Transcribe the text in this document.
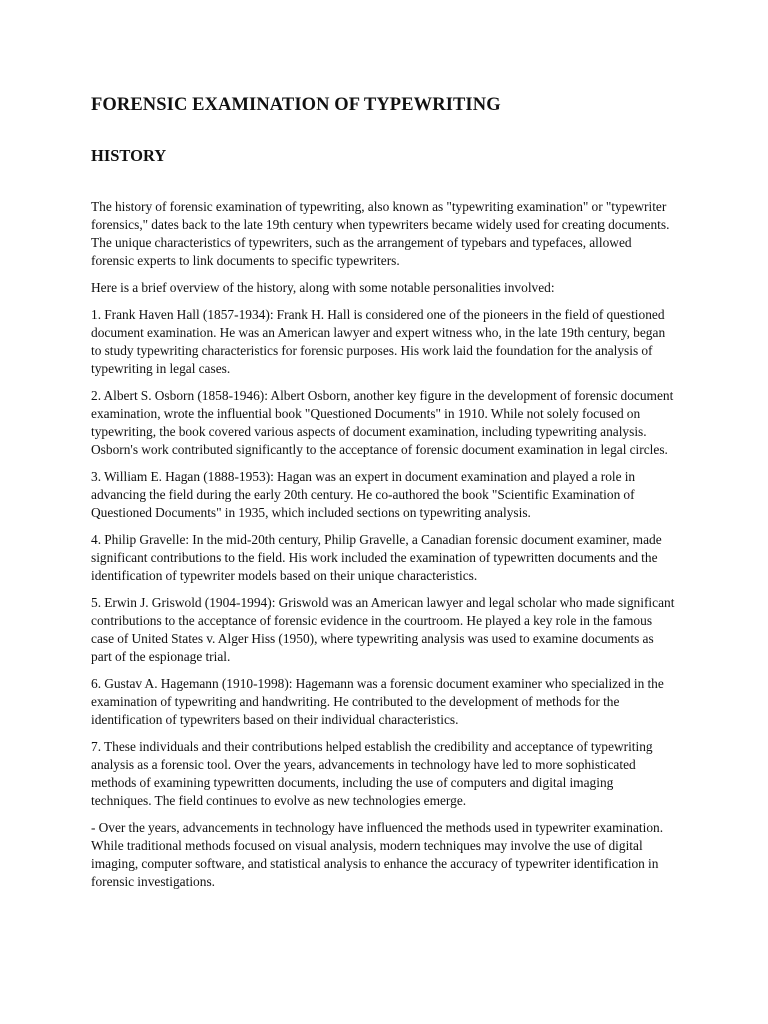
FORENSIC EXAMINATION OF TYPEWRITING
HISTORY

The history of forensic examination of typewriting, also known as "typewriting examination" or "typewriter forensics," dates back to the late 19th century when typewriters became widely used for creating documents. The unique characteristics of typewriters, such as the arrangement of typebars and typefaces, allowed forensic experts to link documents to specific typewriters.

Here is a brief overview of the history, along with some notable personalities involved:

1. Frank Haven Hall (1857-1934): Frank H. Hall is considered one of the pioneers in the field of questioned document examination. He was an American lawyer and expert witness who, in the late 19th century, began to study typewriting characteristics for forensic purposes. His work laid the foundation for the analysis of typewriting in legal cases.

2. Albert S. Osborn (1858-1946): Albert Osborn, another key figure in the development of forensic document examination, wrote the influential book "Questioned Documents" in 1910. While not solely focused on typewriting, the book covered various aspects of document examination, including typewriting analysis. Osborn's work contributed significantly to the acceptance of forensic document examination in legal circles.

3. William E. Hagan (1888-1953): Hagan was an expert in document examination and played a role in advancing the field during the early 20th century. He co-authored the book "Scientific Examination of Questioned Documents" in 1935, which included sections on typewriting analysis.

4. Philip Gravelle: In the mid-20th century, Philip Gravelle, a Canadian forensic document examiner, made significant contributions to the field. His work included the examination of typewritten documents and the identification of typewriter models based on their unique characteristics.

5. Erwin J. Griswold (1904-1994): Griswold was an American lawyer and legal scholar who made significant contributions to the acceptance of forensic evidence in the courtroom. He played a key role in the famous case of United States v. Alger Hiss (1950), where typewriting analysis was used to examine documents as part of the espionage trial.

6. Gustav A. Hagemann (1910-1998): Hagemann was a forensic document examiner who specialized in the examination of typewriting and handwriting. He contributed to the development of methods for the identification of typewriters based on their individual characteristics.

7. These individuals and their contributions helped establish the credibility and acceptance of typewriting analysis as a forensic tool. Over the years, advancements in technology have led to more sophisticated methods of examining typewritten documents, including the use of computers and digital imaging techniques. The field continues to evolve as new technologies emerge.

- Over the years, advancements in technology have influenced the methods used in typewriter examination. While traditional methods focused on visual analysis, modern techniques may involve the use of digital imaging, computer software, and statistical analysis to enhance the accuracy of typewriter identification in forensic investigations.
